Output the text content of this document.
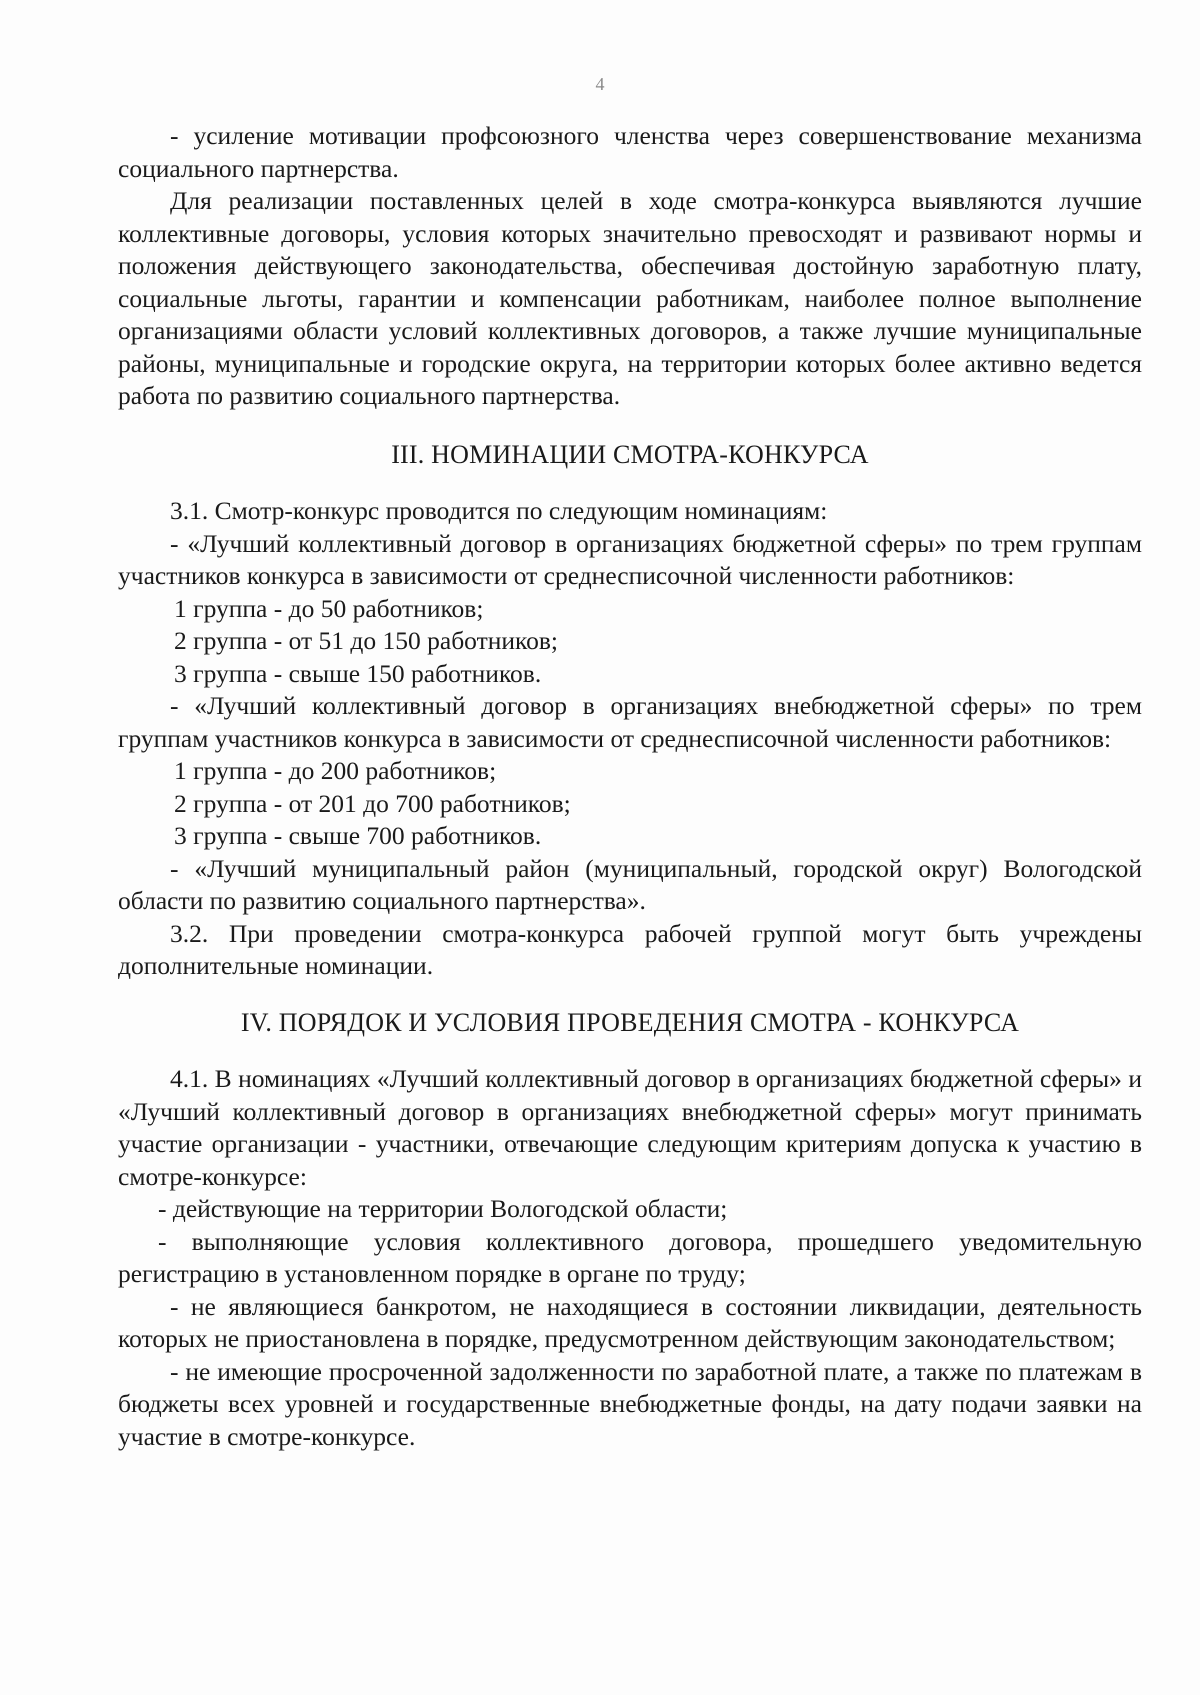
4

- усиление мотивации профсоюзного членства через совершенствование механизма социального партнерства.

Для реализации поставленных целей в ходе смотра-конкурса выявляются лучшие коллективные договоры, условия которых значительно превосходят и развивают нормы и положения действующего законодательства, обеспечивая достойную заработную плату, социальные льготы, гарантии и компенсации работникам, наиболее полное выполнение организациями области условий коллективных договоров, а также лучшие муниципальные районы, муниципальные и городские округа, на территории которых более активно ведется работа по развитию социального партнерства.

III. НОМИНАЦИИ СМОТРА-КОНКУРСА

3.1. Смотр-конкурс проводится по следующим номинациям:

- «Лучший коллективный договор в организациях бюджетной сферы» по трем группам участников конкурса в зависимости от среднесписочной численности работников:

1 группа - до 50 работников;

2 группа - от 51 до 150 работников;

3 группа - свыше 150 работников.

- «Лучший коллективный договор в организациях внебюджетной сферы» по трем группам участников конкурса в зависимости от среднесписочной численности работников:

1 группа - до 200 работников;

2 группа - от 201 до 700 работников;

3 группа - свыше 700 работников.

- «Лучший муниципальный район (муниципальный, городской округ) Вологодской области по развитию социального партнерства».

3.2. При проведении смотра-конкурса рабочей группой могут быть учреждены дополнительные номинации.

IV. ПОРЯДОК И УСЛОВИЯ ПРОВЕДЕНИЯ СМОТРА - КОНКУРСА

4.1. В номинациях «Лучший коллективный договор в организациях бюджетной сферы» и «Лучший коллективный договор в организациях внебюджетной сферы» могут принимать участие организации - участники, отвечающие следующим критериям допуска к участию в смотре-конкурсе:

- действующие на территории Вологодской области;

- выполняющие условия коллективного договора, прошедшего уведомительную регистрацию в установленном порядке в органе по труду;

- не являющиеся банкротом, не находящиеся в состоянии ликвидации, деятельность которых не приостановлена в порядке, предусмотренном действующим законодательством;

- не имеющие просроченной задолженности по заработной плате, а также по платежам в бюджеты всех уровней и государственные внебюджетные фонды, на дату подачи заявки на участие в смотре-конкурсе.
